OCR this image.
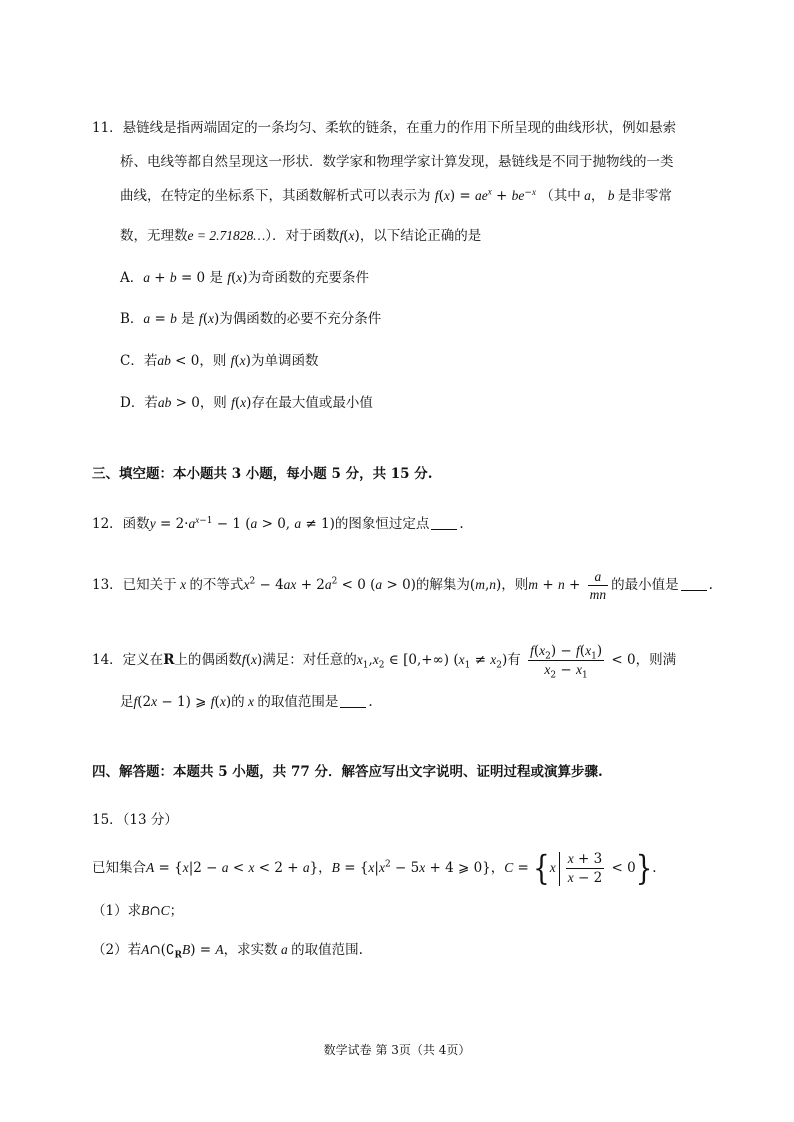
11．悬链线是指两端固定的一条均匀、柔软的链条，在重力的作用下所呈现的曲线形状，例如悬索
桥、电线等都自然呈现这一形状．数学家和物理学家计算发现，悬链线是不同于抛物线的一类
曲线，在特定的坐标系下，其函数解析式可以表示为 $f(x) = ae^x + be^{-x}$ （其中 a， b 是非零常
数，无理数e = 2.71828…）．对于函数f(x)，以下结论正确的是
A．a + b = 0 是 f(x)为奇函数的充要条件
B．a = b 是 f(x)为偶函数的必要不充分条件
C．若ab < 0，则 f(x)为单调函数
D．若ab > 0，则 f(x)存在最大值或最小值
三、填空题：本小题共 3 小题，每小题 5 分，共 15 分.
12．函数$y = 2\cdot a^{x-1} - 1$ (a > 0, a ≠ 1)的图象恒过定点 .
13．已知关于 x 的不等式$x^2 - 4ax + 2a^2 < 0$ (a > 0)的解集为(m,n)，则$m + n + \frac{a}{mn}$ 的最小值是 .
14．定义在R上的偶函数f(x)满足：对任意的$x_1,x_2$ ∈ [0,+∞) $(x_1 \ne x_2)$有 $\frac{f(x_2) - f(x_1)}{x_2 - x_1} < 0$，则满
足f(2x − 1) ⩾ f(x)的 x 的取值范围是 .
四、解答题：本题共 5 小题，共 77 分．解答应写出文字说明、证明过程或演算步骤.
15．（13 分）
已知集合A = {x|2 − a < x < 2 + a}，$B = \{x|x^2 - 5x + 4$ ⩾ 0}，$C = \{x \frac{x + 3}{x - 2} < 0\}$.
（1）求B∩C；
（2）若$A\cap(∁_RB) = A$，求实数 a 的取值范围.
数学试卷 第 3页（共 4页）
